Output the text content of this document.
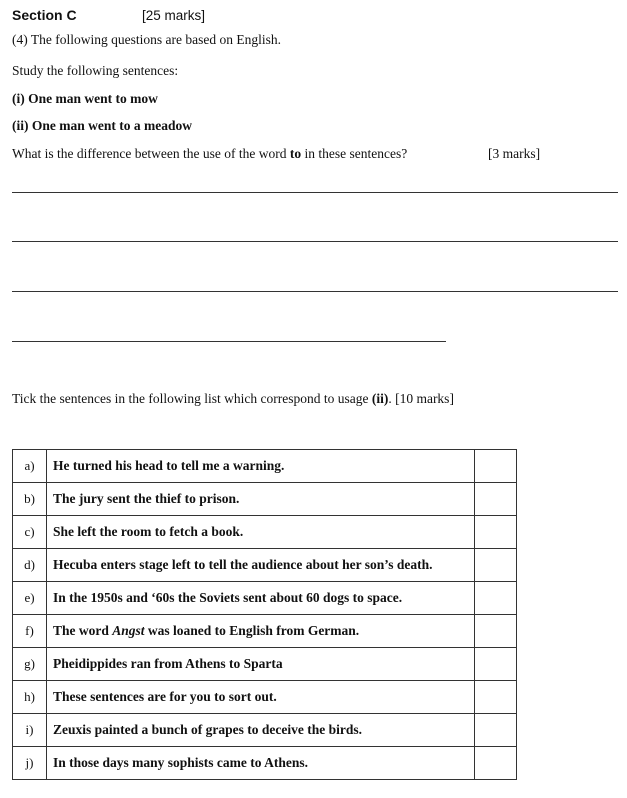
Section C	[25 marks]
(4) The following questions are based on English.
Study the following sentences:
(i) One man went to mow
(ii) One man went to a meadow
What is the difference between the use of the word to in these sentences?	[3 marks]
Tick the sentences in the following list which correspond to usage (ii). [10 marks]
a)	He turned his head to tell me a warning.	
b)	The jury sent the thief to prison.	
c)	She left the room to fetch a book.	
d)	Hecuba enters stage left to tell the audience about her son’s death.	
e)	In the 1950s and ‘60s the Soviets sent about 60 dogs to space.	
f)	The word Angst was loaned to English from German.	
g)	Pheidippides ran from Athens to Sparta	
h)	These sentences are for you to sort out.	
i)	Zeuxis painted a bunch of grapes to deceive the birds.	
j)	In those days many sophists came to Athens.	
